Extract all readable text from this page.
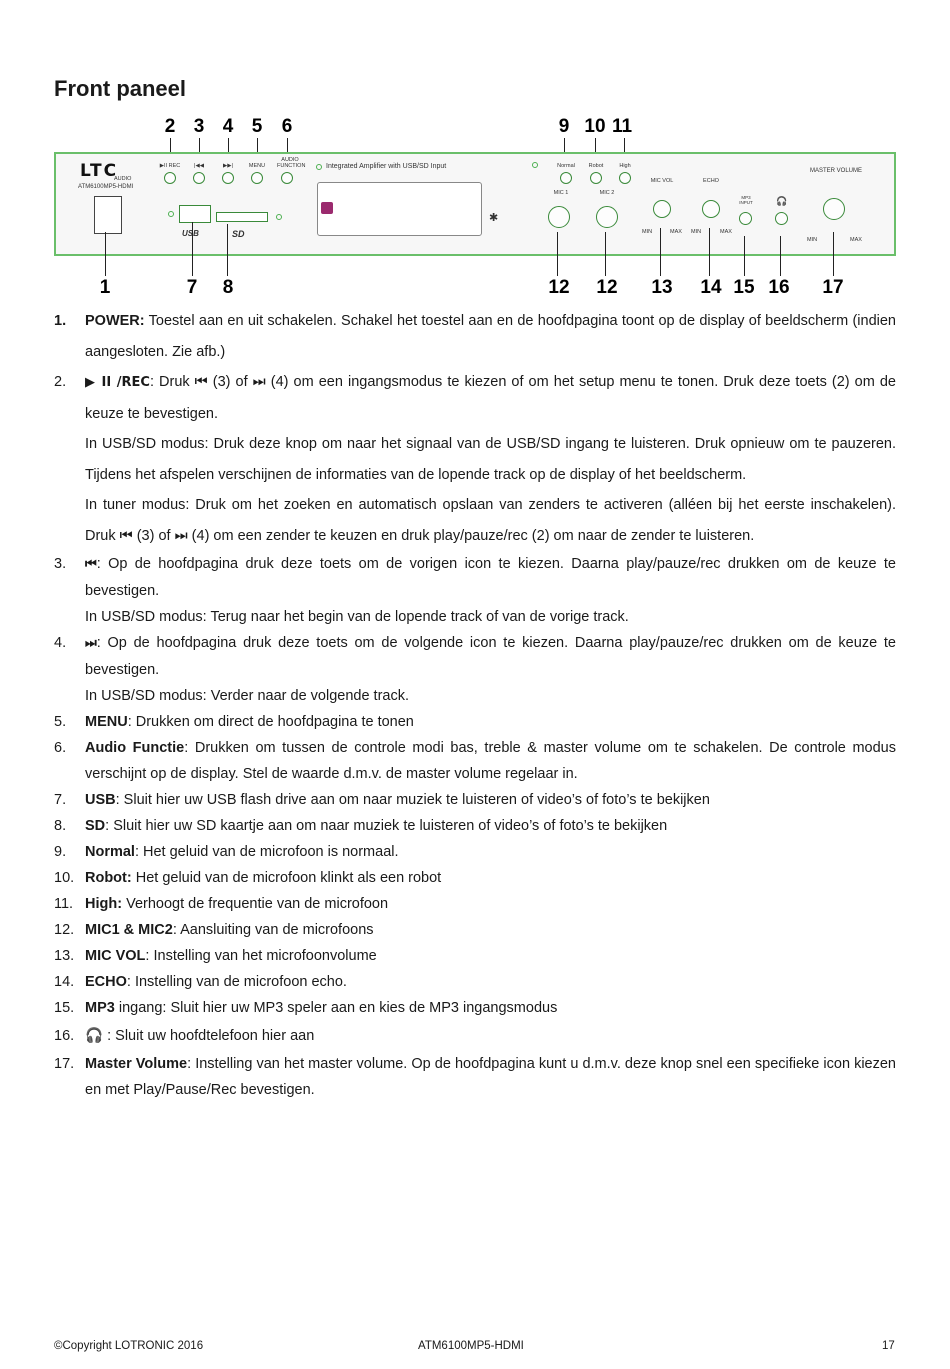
Front paneel
2 3 4 5 6	9 10 11
LTC
AUDIO
ATM6100MP5-HDMI
▶II REC	|◀◀	▶▶|	MENU
AUDIO FUNCTION	Integrated Amplifier with USB/SD Input
USB	SD
✱
Normal	Robot	High
MIC 1	MIC 2
MIC VOL
MIN	MAX
ECHO
MIN	MAX
MP3 INPUT	🎧
MASTER VOLUME
MIN	MAX
1	7 8	12 12 13 14 15 16 17
1. POWER: Toestel aan en uit schakelen. Schakel het toestel aan en de hoofdpagina toont op de display of beeldscherm (indien aangesloten. Zie afb.)

2. ▶ II /REC: Druk ⏮ (3) of ⏭ (4) om een ingangsmodus te kiezen of om het setup menu te tonen. Druk deze toets (2) om de keuze te bevestigen.

In USB/SD modus: Druk deze knop om naar het signaal van de USB/SD ingang te luisteren. Druk opnieuw om te pauzeren. Tijdens het afspelen verschijnen de informaties van de lopende track op de display of het beeldscherm.

In tuner modus: Druk om het zoeken en automatisch opslaan van zenders te activeren (alléen bij het eerste inschakelen). Druk ⏮ (3) of ⏭ (4) om een zender te keuzen en druk play/pauze/rec (2) om naar de zender te luisteren.

3. ⏮: Op de hoofdpagina druk deze toets om de vorigen icon te kiezen. Daarna play/pauze/rec drukken om de keuze te bevestigen.

In USB/SD modus: Terug naar het begin van de lopende track of van de vorige track.

4. ⏭: Op de hoofdpagina druk deze toets om de volgende icon te kiezen. Daarna play/pauze/rec drukken om de keuze te bevestigen.

In USB/SD modus: Verder naar de volgende track.

5. MENU: Drukken om direct de hoofdpagina te tonen

6. Audio Functie: Drukken om tussen de controle modi bas, treble & master volume om te schakelen. De controle modus verschijnt op de display. Stel de waarde d.m.v. de master volume regelaar in.

7. USB: Sluit hier uw USB flash drive aan om naar muziek te luisteren of video’s of foto’s te bekijken

8. SD: Sluit hier uw SD kaartje aan om naar muziek te luisteren of video’s of foto’s te bekijken

9. Normal: Het geluid van de microfoon is normaal.

10. Robot: Het geluid van de microfoon klinkt als een robot

11. High: Verhoogt de frequentie van de microfoon

12. MIC1 & MIC2: Aansluiting van de microfoons

13. MIC VOL: Instelling van het microfoonvolume

14. ECHO: Instelling van de microfoon echo.

15. MP3 ingang: Sluit hier uw MP3 speler aan en kies de MP3 ingangsmodus

16. 🎧 : Sluit uw hoofdtelefoon hier aan

17. Master Volume: Instelling van het master volume. Op de hoofdpagina kunt u d.m.v. deze knop snel een specifieke icon kiezen en met Play/Pause/Rec bevestigen.

©Copyright LOTRONIC 2016	ATM6100MP5-HDMI	17
